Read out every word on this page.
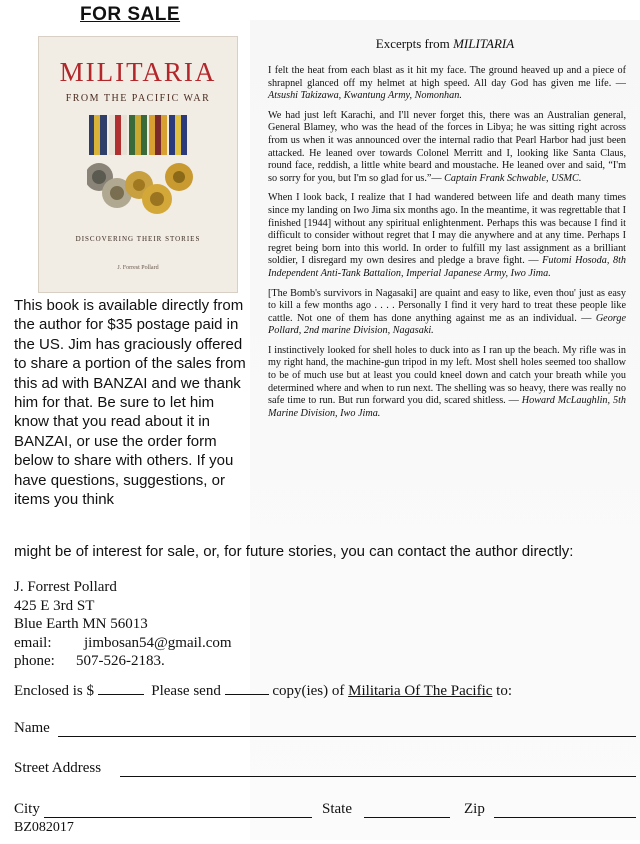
FOR SALE
MILITARIA
FROM THE PACIFIC WAR
DISCOVERING THEIR STORIES
J. Forrest Pollard
Excerpts from MILITARIA

I felt the heat from each blast as it hit my face. The ground heaved up and a piece of shrapnel glanced off my helmet at high speed. All day God has given me life. — Atsushi Takizawa, Kwantung Army, Nomonhan.

We had just left Karachi, and I'll never forget this, there was an Australian general, General Blamey, who was the head of the forces in Libya; he was sitting right across from us when it was announced over the internal radio that Pearl Harbor had just been attacked. He leaned over towards Colonel Merritt and I, looking like Santa Claus, round face, reddish, a little white beard and moustache. He leaned over and said, “I'm so sorry for you, but I'm so glad for us.”— Captain Frank Schwable, USMC.

When I look back, I realize that I had wandered between life and death many times since my landing on Iwo Jima six months ago. In the meantime, it was regrettable that I finished [1944] without any spiritual enlightenment. Perhaps this was because I find it difficult to consider without regret that I may die anywhere and at any time. Perhaps I regret being born into this world. In order to fulfill my last assignment as a brilliant soldier, I disregard my own desires and pledge a brave fight. — Futomi Hosoda, 8th Independent Anti-Tank Battalion, Imperial Japanese Army, Iwo Jima.

[The Bomb's survivors in Nagasaki] are quaint and easy to like, even thou' just as easy to kill a few months ago . . . . Personally I find it very hard to treat these people like cattle. Not one of them has done anything against me as an individual. — George Pollard, 2nd marine Division, Nagasaki.

I instinctively looked for shell holes to duck into as I ran up the beach. My rifle was in my right hand, the machine-gun tripod in my left. Most shell holes seemed too shallow to be of much use but at least you could kneel down and catch your breath while you determined where and when to run next. The shelling was so heavy, there was really no safe time to run. But run forward you did, scared shitless. — Howard McLaughlin, 5th Marine Division, Iwo Jima.

This book is available directly from the author for $35 postage paid in the US. Jim has graciously offered to share a portion of the sales from this ad with BANZAI and we thank him for that. Be sure to let him know that you read about it in BANZAI, or use the order form below to share with others. If you have questions, suggestions, or items you think
might be of interest for sale, or, for future stories, you can contact the author directly:
J. Forrest Pollard
425 E 3rd ST
Blue Earth MN 56013
email: jimbosan54@gmail.com
phone: 507-526-2183.
Enclosed is $	Please send	copy(ies) of Militaria Of The Pacific to:
Name
Street Address
City	State	Zip
BZ082017
